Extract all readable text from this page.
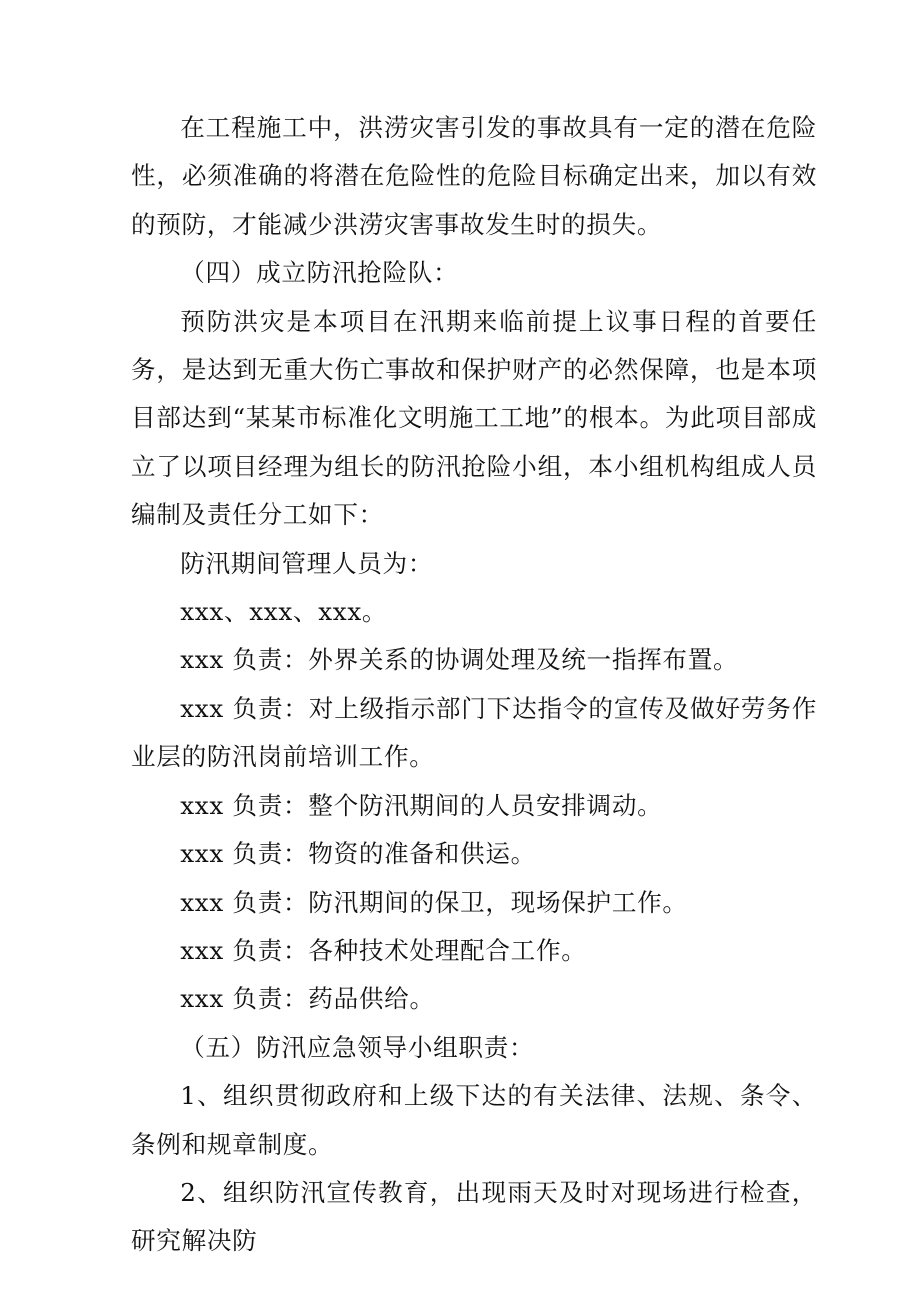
在工程施工中，洪涝灾害引发的事故具有一定的潜在危险性，必须准确的将潜在危险性的危险目标确定出来，加以有效的预防，才能减少洪涝灾害事故发生时的损失。

（四）成立防汛抢险队：

预防洪灾是本项目在汛期来临前提上议事日程的首要任务，是达到无重大伤亡事故和保护财产的必然保障，也是本项目部达到“某某市标准化文明施工工地”的根本。为此项目部成立了以项目经理为组长的防汛抢险小组，本小组机构组成人员编制及责任分工如下：

防汛期间管理人员为：

xxx、xxx、xxx。

xxx 负责：外界关系的协调处理及统一指挥布置。

xxx 负责：对上级指示部门下达指令的宣传及做好劳务作业层的防汛岗前培训工作。

xxx 负责：整个防汛期间的人员安排调动。

xxx 负责：物资的准备和供运。

xxx 负责：防汛期间的保卫，现场保护工作。

xxx 负责：各种技术处理配合工作。

xxx 负责：药品供给。

（五）防汛应急领导小组职责：

1、组织贯彻政府和上级下达的有关法律、法规、条令、条例和规章制度。

2、组织防汛宣传教育，出现雨天及时对现场进行检查，研究解决防
